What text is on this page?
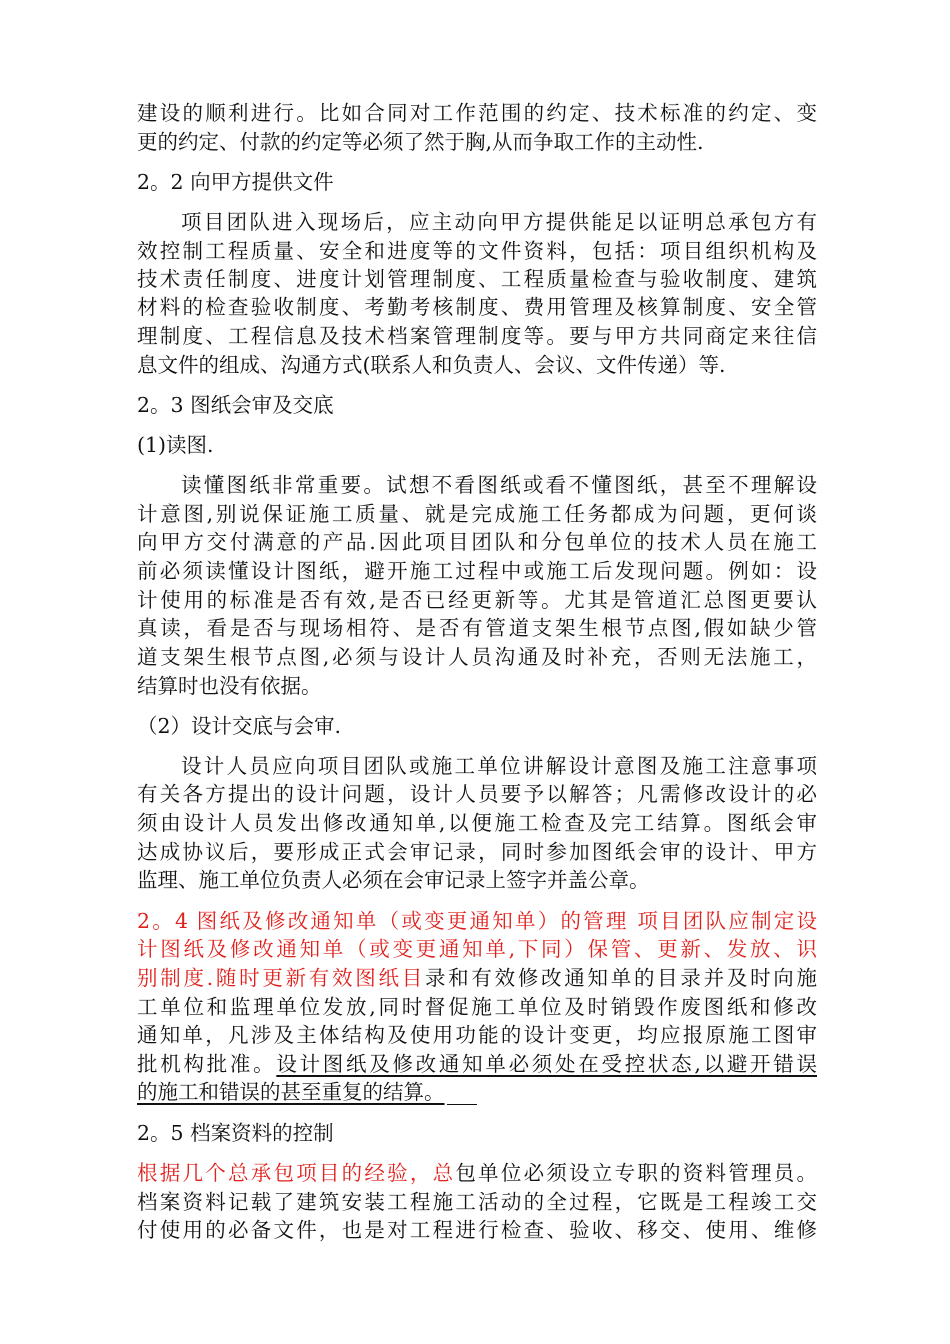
建设的顺利进行。比如合同对工作范围的约定、技术标准的约定、变
更的约定、付款的约定等必须了然于胸,从而争取工作的主动性.
2。2 向甲方提供文件
项目团队进入现场后，应主动向甲方提供能足以证明总承包方有
效控制工程质量、安全和进度等的文件资料，包括：项目组织机构及
技术责任制度、进度计划管理制度、工程质量检查与验收制度、建筑
材料的检查验收制度、考勤考核制度、费用管理及核算制度、安全管
理制度、工程信息及技术档案管理制度等。要与甲方共同商定来往信
息文件的组成、沟通方式(联系人和负责人、会议、文件传递）等.
2。3 图纸会审及交底
(1)读图.
读懂图纸非常重要。试想不看图纸或看不懂图纸，甚至不理解设
计意图,别说保证施工质量、就是完成施工任务都成为问题，更何谈
向甲方交付满意的产品.因此项目团队和分包单位的技术人员在施工
前必须读懂设计图纸，避开施工过程中或施工后发现问题。例如：设
计使用的标准是否有效,是否已经更新等。尤其是管道汇总图更要认
真读，看是否与现场相符、是否有管道支架生根节点图,假如缺少管
道支架生根节点图,必须与设计人员沟通及时补充，否则无法施工，
结算时也没有依据。
（2）设计交底与会审.
设计人员应向项目团队或施工单位讲解设计意图及施工注意事项
有关各方提出的设计问题，设计人员要予以解答；凡需修改设计的必
须由设计人员发出修改通知单,以便施工检查及完工结算。图纸会审
达成协议后，要形成正式会审记录，同时参加图纸会审的设计、甲方
监理、施工单位负责人必须在会审记录上签字并盖公章。
2。4 图纸及修改通知单（或变更通知单）的管理 项目团队应制定设
计图纸及修改通知单（或变更通知单,下同）保管、更新、发放、识
别制度.随时更新有效图纸目录和有效修改通知单的目录并及时向施
工单位和监理单位发放,同时督促施工单位及时销毁作废图纸和修改
通知单，凡涉及主体结构及使用功能的设计变更，均应报原施工图审
批机构批准。设计图纸及修改通知单必须处在受控状态,以避开错误
的施工和错误的甚至重复的结算。
2。5 档案资料的控制
根据几个总承包项目的经验，总包单位必须设立专职的资料管理员。
档案资料记载了建筑安装工程施工活动的全过程，它既是工程竣工交
付使用的必备文件，也是对工程进行检查、验收、移交、使用、维修
